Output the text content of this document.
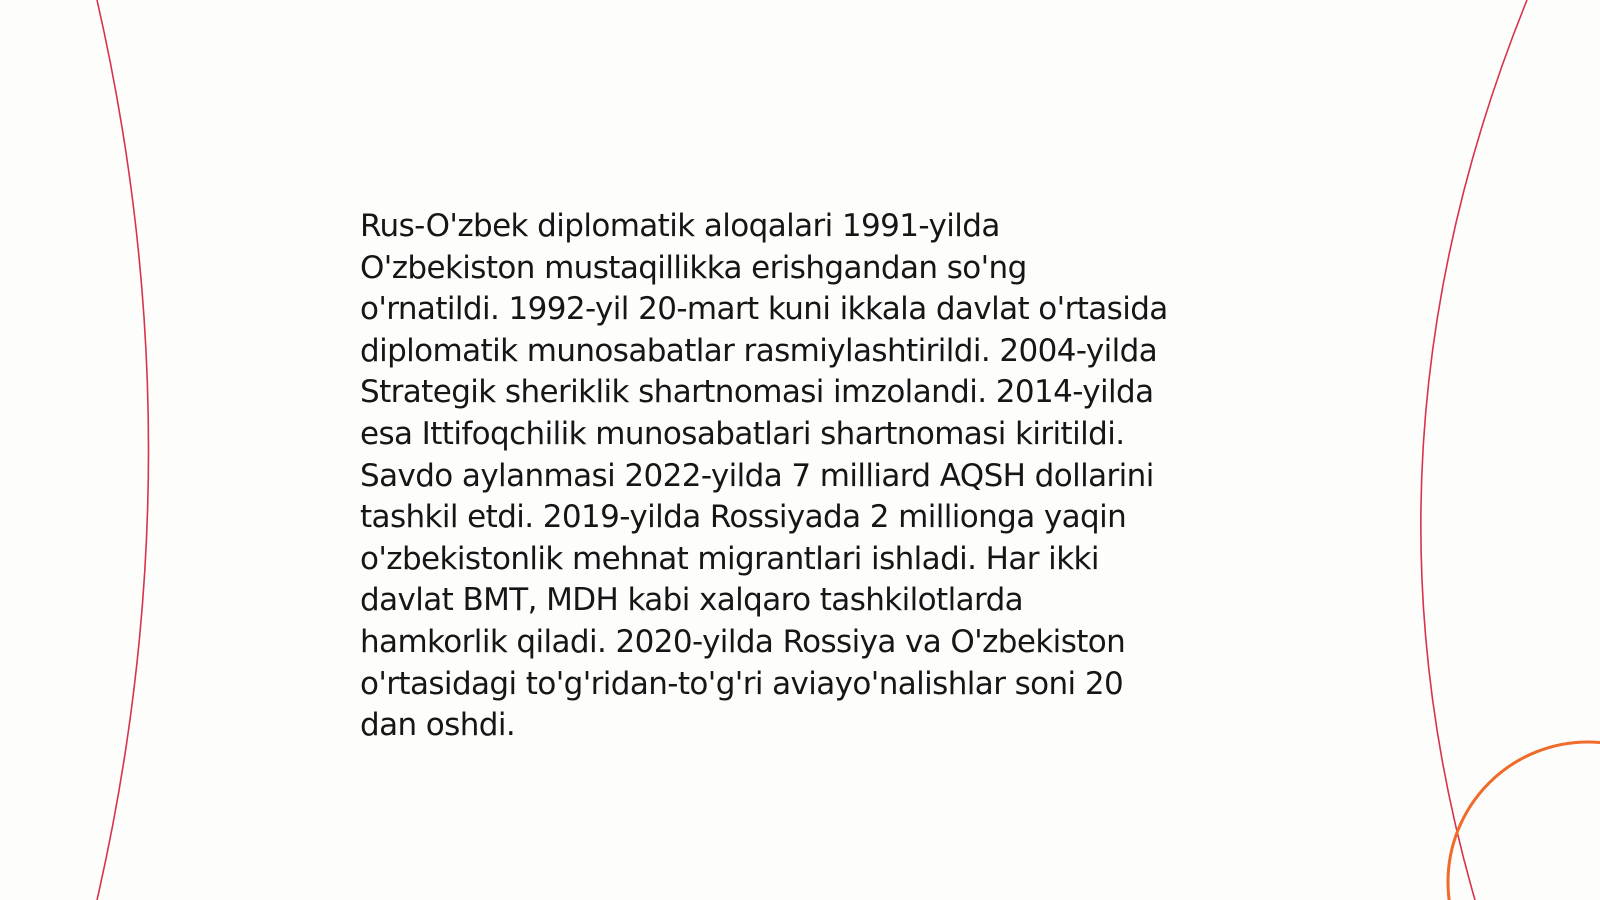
Rus-O'zbek diplomatik aloqalari 1991-yilda
O'zbekiston mustaqillikka erishgandan so'ng
o'rnatildi. 1992-yil 20-mart kuni ikkala davlat o'rtasida
diplomatik munosabatlar rasmiylashtirildi. 2004-yilda
Strategik sheriklik shartnomasi imzolandi. 2014-yilda
esa Ittifoqchilik munosabatlari shartnomasi kiritildi.
Savdo aylanmasi 2022-yilda 7 milliard AQSH dollarini
tashkil etdi. 2019-yilda Rossiyada 2 millionga yaqin
o'zbekistonlik mehnat migrantlari ishladi. Har ikki
davlat BMT, MDH kabi xalqaro tashkilotlarda
hamkorlik qiladi. 2020-yilda Rossiya va O'zbekiston
o'rtasidagi to'g'ridan-to'g'ri aviayo'nalishlar soni 20
dan oshdi.
